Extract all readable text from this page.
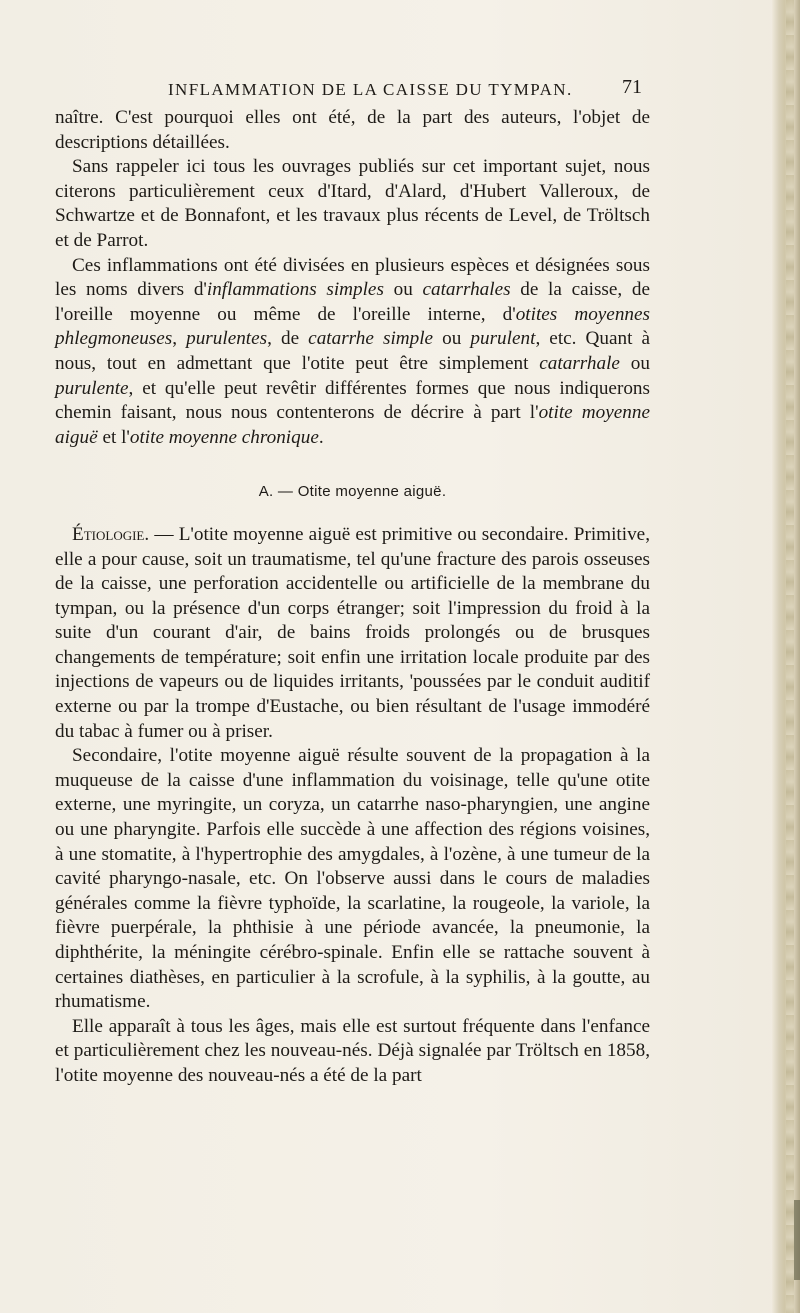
INFLAMMATION DE LA CAISSE DU TYMPAN. 71

naître. C'est pourquoi elles ont été, de la part des auteurs, l'objet de descriptions détaillées.

Sans rappeler ici tous les ouvrages publiés sur cet important sujet, nous citerons particulièrement ceux d'Itard, d'Alard, d'Hubert Valleroux, de Schwartze et de Bonnafont, et les travaux plus récents de Level, de Tröltsch et de Parrot.

Ces inflammations ont été divisées en plusieurs espèces et désignées sous les noms divers d'inflammations simples ou catarrhales de la caisse, de l'oreille moyenne ou même de l'oreille interne, d'otites moyennes phlegmoneuses, purulentes, de catarrhe simple ou purulent, etc. Quant à nous, tout en admettant que l'otite peut être simplement catarrhale ou purulente, et qu'elle peut revêtir différentes formes que nous indiquerons chemin faisant, nous nous contenterons de décrire à part l'otite moyenne aiguë et l'otite moyenne chronique.

A. — Otite moyenne aiguë.

Étiologie. — L'otite moyenne aiguë est primitive ou secondaire. Primitive, elle a pour cause, soit un traumatisme, tel qu'une fracture des parois osseuses de la caisse, une perforation accidentelle ou artificielle de la membrane du tympan, ou la présence d'un corps étranger; soit l'impression du froid à la suite d'un courant d'air, de bains froids prolongés ou de brusques changements de température; soit enfin une irritation locale produite par des injections de vapeurs ou de liquides irritants, 'poussées par le conduit auditif externe ou par la trompe d'Eustache, ou bien résultant de l'usage immodéré du tabac à fumer ou à priser.

Secondaire, l'otite moyenne aiguë résulte souvent de la propagation à la muqueuse de la caisse d'une inflammation du voisinage, telle qu'une otite externe, une myringite, un coryza, un catarrhe naso-pharyngien, une angine ou une pharyngite. Parfois elle succède à une affection des régions voisines, à une stomatite, à l'hypertrophie des amygdales, à l'ozène, à une tumeur de la cavité pharyngo-nasale, etc. On l'observe aussi dans le cours de maladies générales comme la fièvre typhoïde, la scarlatine, la rougeole, la variole, la fièvre puerpérale, la phthisie à une période avancée, la pneumonie, la diphthérite, la méningite cérébro-spinale. Enfin elle se rattache souvent à certaines diathèses, en particulier à la scrofule, à la syphilis, à la goutte, au rhumatisme.

Elle apparaît à tous les âges, mais elle est surtout fréquente dans l'enfance et particulièrement chez les nouveau-nés. Déjà signalée par Tröltsch en 1858, l'otite moyenne des nouveau-nés a été de la part
